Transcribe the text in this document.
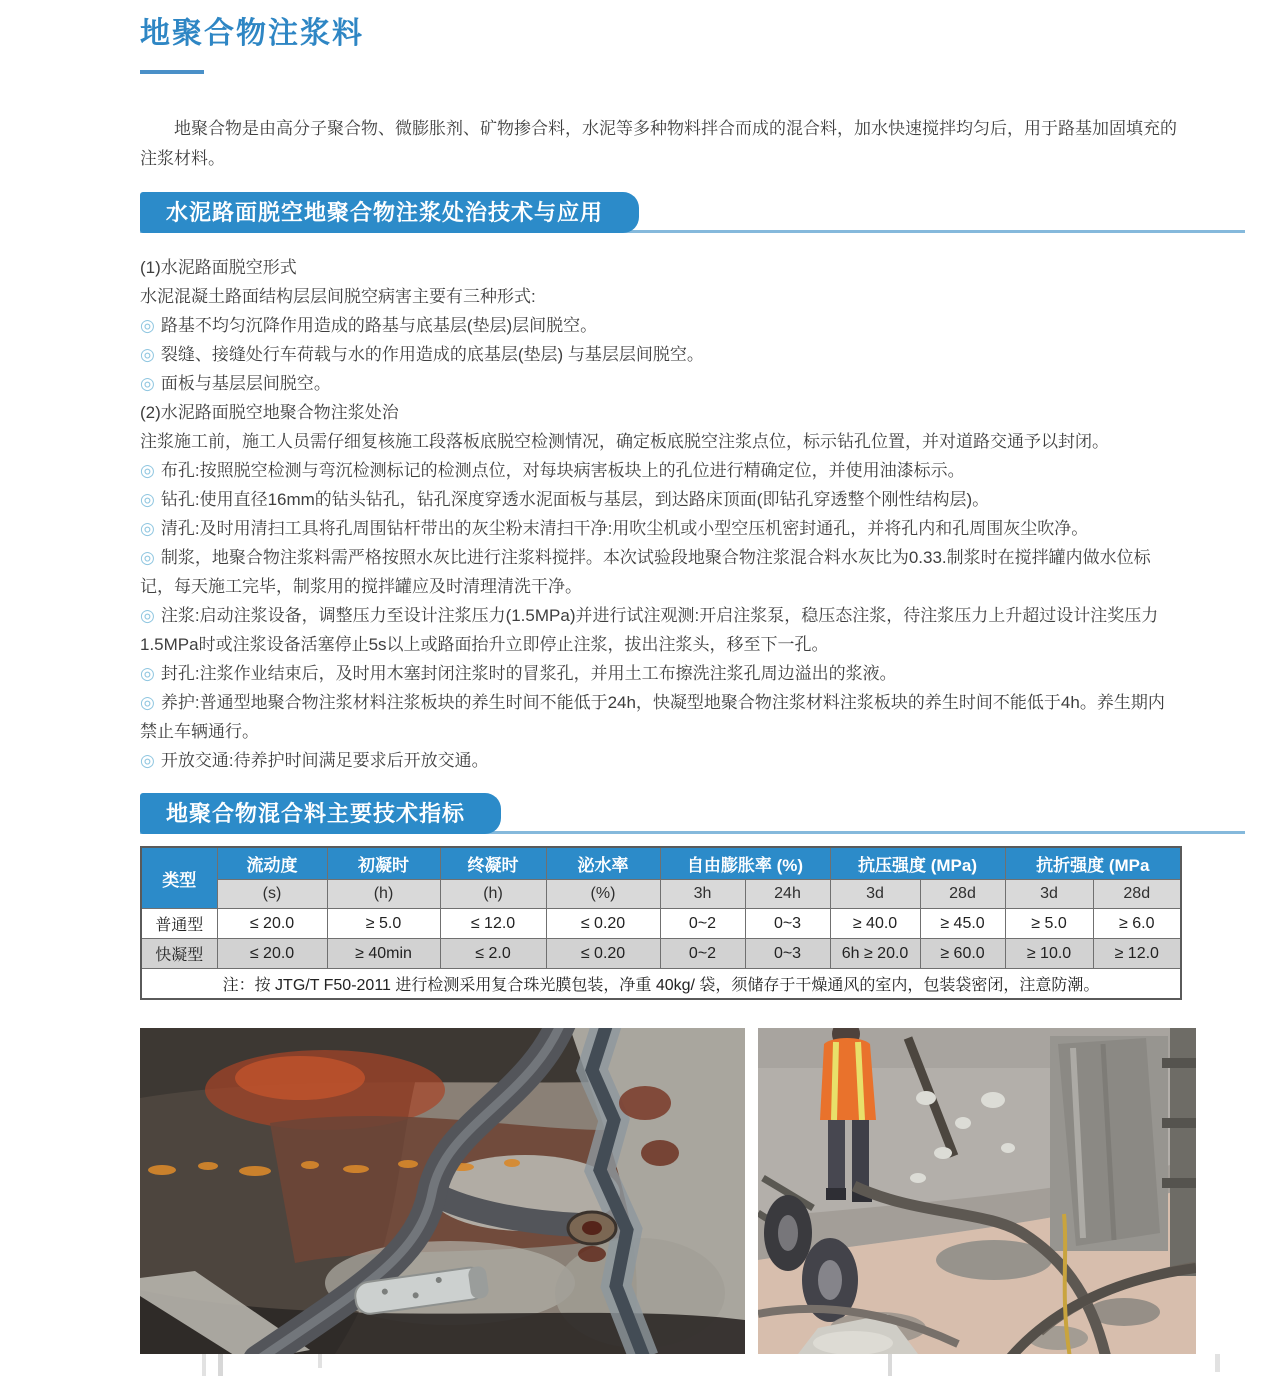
地聚合物注浆料

地聚合物是由高分子聚合物、微膨胀剂、矿物掺合料，水泥等多种物料拌合而成的混合料，加水快速搅拌均匀后，用于路基加固填充的注浆材料。

水泥路面脱空地聚合物注浆处治技术与应用

(1)水泥路面脱空形式

水泥混凝土路面结构层层间脱空病害主要有三种形式:

◎ 路基不均匀沉降作用造成的路基与底基层(垫层)层间脱空。

◎ 裂缝、接缝处行车荷载与水的作用造成的底基层(垫层) 与基层层间脱空。

◎ 面板与基层层间脱空。

(2)水泥路面脱空地聚合物注浆处治

注浆施工前，施工人员需仔细复核施工段落板底脱空检测情况，确定板底脱空注浆点位，标示钻孔位置，并对道路交通予以封闭。

◎ 布孔:按照脱空检测与弯沉检测标记的检测点位，对每块病害板块上的孔位进行精确定位，并使用油漆标示。

◎ 钻孔:使用直径16mm的钻头钻孔，钻孔深度穿透水泥面板与基层，到达路床顶面(即钻孔穿透整个刚性结构层)。

◎ 清孔:及时用清扫工具将孔周围钻杆带出的灰尘粉末清扫干净:用吹尘机或小型空压机密封通孔，并将孔内和孔周围灰尘吹净。

◎ 制浆，地聚合物注浆料需严格按照水灰比进行注浆料搅拌。本次试验段地聚合物注浆混合料水灰比为0.33.制浆时在搅拌罐内做水位标记，每天施工完毕，制浆用的搅拌罐应及时清理清洗干净。

◎ 注浆:启动注浆设备，调整压力至设计注浆压力(1.5MPa)并进行试注观测:开启注浆泵，稳压态注浆，待注浆压力上升超过设计注奖压力1.5MPa时或注浆设备活塞停止5s以上或路面抬升立即停止注浆，拔出注浆头，移至下一孔。

◎ 封孔:注浆作业结束后，及时用木塞封闭注浆时的冒浆孔，并用土工布擦洗注浆孔周边溢出的浆液。

◎ 养护:普通型地聚合物注浆材料注浆板块的养生时间不能低于24h，快凝型地聚合物注浆材料注浆板块的养生时间不能低于4h。养生期内禁止车辆通行。

◎ 开放交通:待养护时间满足要求后开放交通。

地聚合物混合料主要技术指标
类型	流动度	初凝时	终凝时	泌水率	自由膨胀率 (%)		抗压强度 (MPa)		抗折强度 (MPa	
	(s)	(h)	(h)	(%)	3h	24h	3d	28d	3d	28d
普通型	≤ 20.0	≥ 5.0	≤ 12.0	≤ 0.20	0~2	0~3	≥ 40.0	≥ 45.0	≥ 5.0	≥ 6.0
快凝型	≤ 20.0	≥ 40min	≤ 2.0	≤ 0.20	0~2	0~3	6h ≥ 20.0	≥ 60.0	≥ 10.0	≥ 12.0
注：按 JTG/T F50-2011 进行检测采用复合珠光膜包装，净重 40kg/ 袋，须储存于干燥通风的室内，包装袋密闭，注意防潮。										
